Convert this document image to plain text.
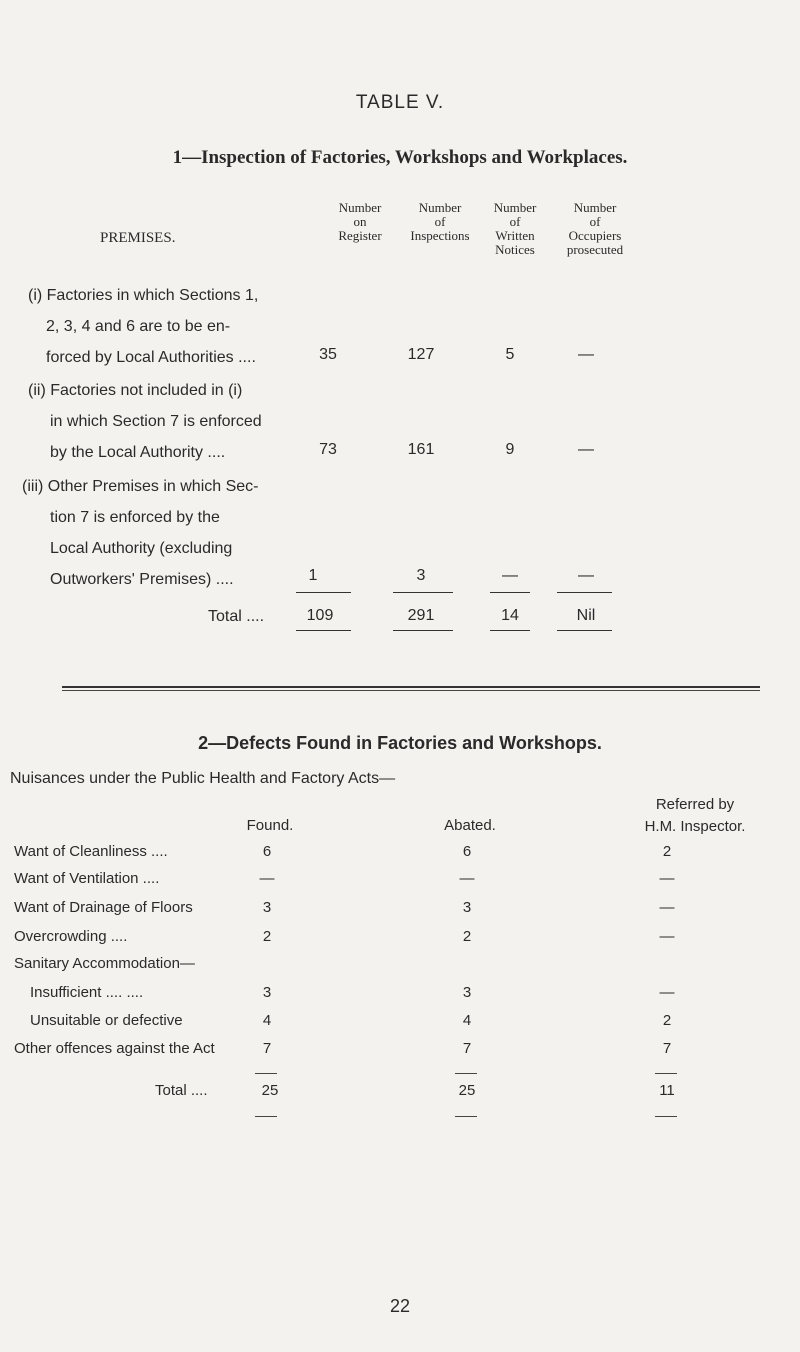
TABLE V.
1—Inspection of Factories, Workshops and Workplaces.
PREMISES.
Number
on
Register
Number
of
Inspections
Number
of
Written
Notices
Number
of
Occupiers
prosecuted
(i) Factories in which Sections 1,
2, 3, 4 and 6 are to be en-
forced by Local Authorities ....	35	127	5	—
(ii) Factories not included in (i)
in which Section 7 is enforced
by the Local Authority ....	73	161	9	—
(iii) Other Premises in which Sec-
tion 7 is enforced by the
Local Authority (excluding
Outworkers' Premises) ....	1	3	—	—
Total ....	109	291	14	Nil
2—Defects Found in Factories and Workshops.
Nuisances under the Public Health and Factory Acts—
Found.	Abated.
Referred by
H.M. Inspector.
Want of Cleanliness ....	6	6	2
Want of Ventilation ....	—	—	—
Want of Drainage of Floors	3	3	—
Overcrowding ....	2	2	—
Sanitary Accommodation—
Insufficient .... ....	3	3	—
Unsuitable or defective	4	4	2
Other offences against the Act	7	7	7
Total ....	25	25	11
22
